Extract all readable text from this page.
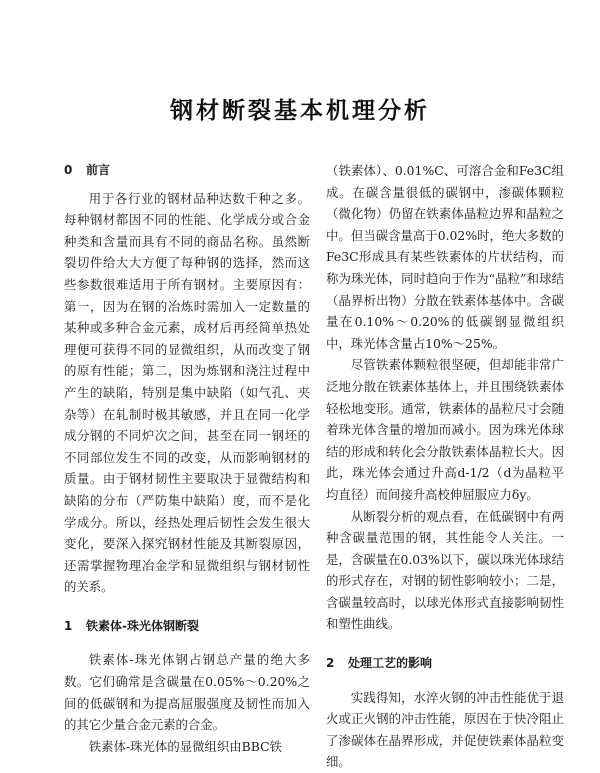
钢材断裂基本机理分析
0 前言

用于各行业的钢材品种达数千种之多。每种钢材都因不同的性能、化学成分或合金种类和含量而具有不同的商品名称。虽然断裂切件给大大方便了每种钢的选择，然而这些参数很难适用于所有钢材。主要原因有：第一，因为在钢的冶炼时需加入一定数量的某种或多种合金元素，成材后再经简单热处理便可获得不同的显微组织，从而改变了钢的原有性能；第二，因为炼钢和浇注过程中产生的缺陷，特别是集中缺陷（如气孔、夹杂等）在轧制时极其敏感，并且在同一化学成分钢的不同炉次之间，甚至在同一钢坯的不同部位发生不同的改变，从而影响钢材的质量。由于钢材韧性主要取决于显微结构和缺陷的分布（严防集中缺陷）度，而不是化学成分。所以，经热处理后韧性会发生很大变化，要深入探究钢材性能及其断裂原因，还需掌握物理冶金学和显微组织与钢材韧性的关系。

1 铁素体-珠光体钢断裂

铁素体-珠光体钢占钢总产量的绝大多数。它们确常是含碳量在0.05%～0.20%之间的低碳钢和为提高屈服强度及韧性而加入的其它少量合金元素的合金。

铁素体-珠光体的显微组织由BBC铁

（铁素体）、0.01%C、可溶合金和Fe3C组成。在碳含量很低的碳钢中，渗碳体颗粒（微化物）仍留在铁素体晶粒边界和晶粒之中。但当碳含量高于0.02%时，绝大多数的Fe3C形成具有某些铁素体的片状结构，而称为珠光体，同时趋向于作为“晶粒”和球结（晶界析出物）分散在铁素体基体中。含碳量在0.10%～0.20%的低碳钢显微组织中，珠光体含量占10%～25%。

尽管铁素体颗粒很坚硬，但却能非常广泛地分散在铁素体基体上，并且围绕铁素体轻松地变形。通常，铁素体的晶粒尺寸会随着珠光体含量的增加而减小。因为珠光体球结的形成和转化会分散铁素体晶粒长大。因此，珠光体会通过升高d-1/2（d为晶粒平均直径）而间接升高校伸屈服应力δy。

从断裂分析的观点看，在低碳钢中有两种含碳量范围的钢，其性能令人关注。一是，含碳量在0.03%以下，碳以珠光体球结的形式存在，对钢的韧性影响较小；二是，含碳量较高时，以球光体形式直接影响韧性和塑性曲线。

2 处理工艺的影响

实践得知，水淬火钢的冲击性能优于退火或正火钢的冲击性能，原因在于快冷阻止了渗碳体在晶界形成，并促使铁素体晶粒变细。
